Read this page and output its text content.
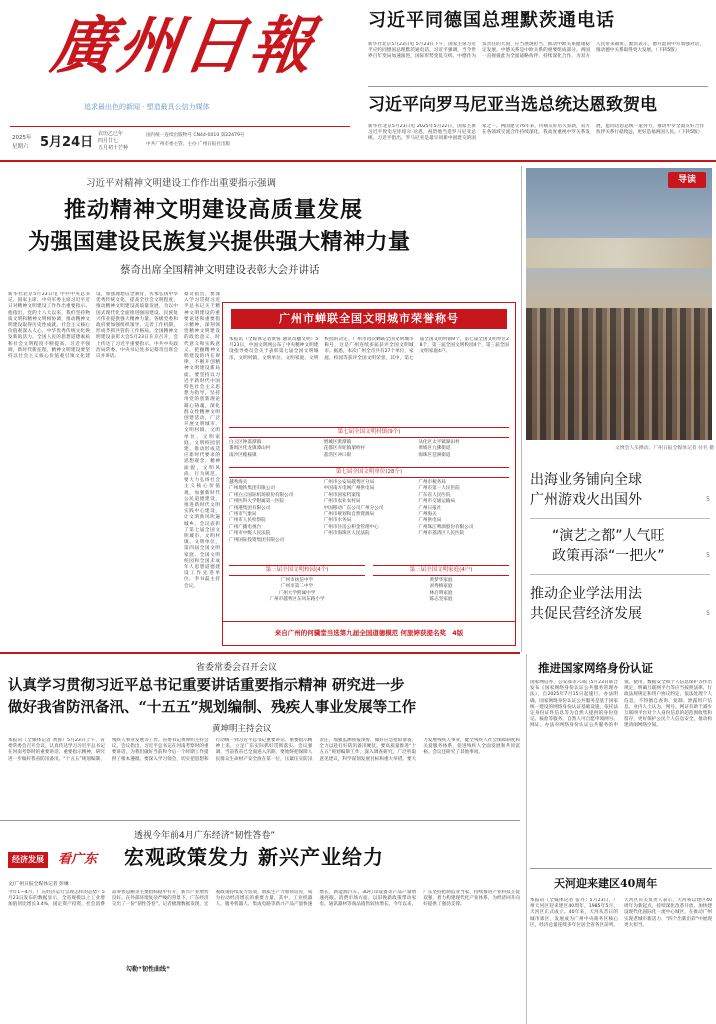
廣州日報
追求最出色的新闻 · 塑造最具公信力媒体
2025年
星期六 5月24日
农历乙巳年
四月廿七
五月初十芒种
国内统一连续出版物号 CN44-0010 第22479号
中共广州市委主管、主办 广州日报社出版
习近平同德国总理默茨通电话
新华社北京5月23日电 5月23日下午，国家主席习近平应约同德国总理默茨通电话。习近平强调，当今世界百年变局加速演进，国际形势变乱交织。中德作为负责任的大国，应当展现担当，推动中欧关系健康稳定发展。中德关系是中欧关系的重要组成部分。两国一直视彼此为全面战略伙伴，持续深化合作，为双方人民带来福祉。默茨表示，德方愿同中方加强对话，推动德中关系取得更大发展。（下转5版）
习近平向罗马尼亚当选总统达恩致贺电
新华社北京5月23日电 2025年5月22日，国家主席习近平致电尼库绍尔·达恩，祝贺他当选罗马尼亚总统。习近平指出，罗马尼亚是最早同新中国建交的国家之一。两国建交76年来，传统友好历久弥新，双方在各领域交流合作持续深化。我高度重视中罗关系发展，愿同达恩总统一道努力，推动中罗全面友好合作伙伴关系行稳致远，更好造福两国人民。（下转5版）
习近平对精神文明建设工作作出重要指示强调
推动精神文明建设高质量发展
为强国建设民族复兴提供强大精神力量
蔡奇出席全国精神文明建设表彰大会并讲话
新华社北京5月23日电 中共中央总书记、国家主席、中央军委主席习近平近日对精神文明建设工作作出重要指示。他指出，党的十八大以来，我们坚持物质文明和精神文明相协调，推动精神文明建设取得历史性成就。社会主义核心价值观深入人心，中华优秀传统文化焕发新的活力，全国人民的思想道德素质和社会文明程度不断提高。习近平强调，新时代新征程，精神文明建设要坚持以社会主义核心价值观引领文化建设，加强理想信念教育，传承弘扬中华优秀传统文化，提高全社会文明程度，推动精神文明建设高质量发展，为以中国式现代化全面推进强国建设、民族复兴伟业提供强大精神力量。各级党委和政府要加强组织领导，完善工作机制，形成齐抓共管的工作格局。全国精神文明建设表彰大会5月23日在京召开，会上传达了习近平重要指示。中共中央政治局常委、中央书记处书记蔡奇出席会议并讲话。
蔡奇指出，要深入学习贯彻习近平总书记关于精神文明建设的重要论述和重要指示精神，深刻领悟精神文明建设的政治意义、时代意义和实践意义，把握精神文明建设的内在规律，不断开创精神文明建设新局面。要坚持以习近平新时代中国特色社会主义思想为指导，坚持用党的创新理论凝心铸魂，深化群众性精神文明创建活动，广泛开展文明城市、文明村镇、文明单位、文明家庭、文明校园创建，推动形成适应新时代要求的思想观念、精神面貌、文明风尚、行为规范。要大力弘扬社会主义核心价值观，加强新时代公民道德建设，推进新时代文明实践中心建设，让文明新风吹遍城乡。会议表彰了第七届全国文明城市、文明村镇、文明单位，第四届全国文明家庭、全国文明校园和全国未成年人思想道德建设工作先进单位。李书磊主持会议。
广州市蝉联全国文明城市荣誉称号
本报讯（全媒体记者黄蓉 通讯员穗文明）5月23日，中国文明网公布了中央精神文明建设指导委员会关于表彰第七届全国文明城市、文明村镇、文明单位、文明家庭、文明校园的决定。广州市再次蝉联全国文明城市称号，这是广州连续多届获评全国文明城市。据悉，本次广州全市共有27个单位、家庭、校园等获评全国文明荣誉。其中，第七届全国文明村镇9个，第七届全国文明单位28个，第三届全国文明校园4个，第三届全国文明家庭4户。
第七届全国文明村镇(9个)
白云区钟落潭镇	增城区派潭镇	从化区太平镇湖田村
番禺区化龙镇潭山村	花都区赤坭镇瑞岭村	黄埔区九佛街道
南沙区榄核镇	荔湾区冲口街	海珠区琶洲街道
第七届全国文明单位(28个)
越秀海关	广州市公安局越秀区分局	广州市税务局
广州地铁集团有限公司	中国南方电网广州供电局	广州市第一人民医院
广州白云国际机场股份有限公司	广州市国家档案馆	广东省人民医院
广州医科大学附属第一医院	广州市农业农村局	广州市交通运输局
广州港集团有限公司	中国移动广东公司广州分公司	广州日报社
广州市气象局	广州市规划和自然资源局	广州海关
广州市人民检察院	广州市水务局	广州供电局
广州广播电视台	广州市住房公积金管理中心	广州珠江啤酒股份有限公司
广州市中级人民法院	广州市海珠区人民法院	广州市荔湾区人民医院
广州国际投资集团有限公司
第三届全国文明校园(4个)
广州市执信中学
广州市第二中学
广州大学附属中学
广州市越秀区东风东路小学
第三届全国文明家庭(4户)
黄梦华家庭
刘秀梅家庭
林启明家庭
陈志坚家庭
来自广州的何骥堂当选第九届全国道德模范 何旅婷获提名奖 4版
导读
文博会人头攒动。广州日报全媒体记者 付名 摄
出海业务铺向全球
广州游戏火出国外	5
“演艺之都”人气旺
政策再添“一把火”	5
推动企业学法用法
共促民营经济发展	5
省委常委会召开会议
认真学习贯彻习近平总书记重要讲话重要指示精神 研究进一步
做好我省防汛备汛、“十五五”规划编制、残疾人事业发展等工作
黄坤明主持会议
本报讯（全媒体记者 黄蓉）5月23日上午，省委常委会召开会议，认真传达学习习近平总书记在河南考察时的重要讲话、重要指示精神，研究进一步做好我省防汛备汛、“十五五”规划编制、残疾人事业发展等工作。省委书记黄坤明主持会议。会议指出，习近平总书记在河南考察时的重要讲话，为我们做好当前和今后一个时期工作提供了根本遵循。要深入学习领会，切实把思想和行动统一到习近平总书记重要讲话、重要指示精神上来，立足广东实际抓好贯彻落实。会议强调，当前我省已全面进入汛期，要始终把保障人民群众生命财产安全放在第一位，压紧压实防汛责任，加强监测预报预警，做好应急抢险准备，全力以赴打好防汛备汛硬仗。要高质量推进“十五五”规划编制工作，深入调查研究，广泛听取意见建议，科学谋划发展目标和重大举措。要大力发展残疾人事业，健全残疾人社会保障制度和关爱服务体系，促进残疾人全面发展和共同富裕。会议还研究了其他事项。
推进国家网络身份认证
国家网信办、公安部等六部门5月23日联合发布《国家网络身份认证公共服务管理办法》，自2025年7月15日起施行。办法明确，国家网络身份认证公共服务是基于国家统一建设的网络身份认证基础设施，依托法定身份证件信息等为自然人提供的身份登记、核验等服务。自然人可自愿申领网号、网证。办法对网络身份认证公共服务的申领、使用、数据安全和个人信息保护等作出规定，明确互联网平台等应当按照法律、行政法规规定和用户协议约定，依法处理个人信息，不得擅自查询、复制、泄露用户信息。业内人士认为，网号、网证有助于减少互联网平台对个人身份信息的超范围收集和留存，更好保护公民个人信息安全，推动构建清朗网络空间。
透视今年前4月广东经济“韧性答卷”
经济发展	看广东 宏观政策发力 新兴产业给力
文/广州日报全媒体记者 彭琳
今年1—4月，广东经济运行呈现怎样的态势？5月23日发布的数据显示，全省规模以上工业增加值同比增长3.4%，固定资产投资、社会消费品零售总额等主要指标稳中有升，新兴产业增势良好。在外部环境复杂严峻的背景下，广东经济交出了一份“韧性答卷”。记者梳理数据发现，宏观政策持续发力显效，新质生产力加快培育，成为拉动经济增长的重要力量。其中，工业机器人、服务机器人、集成电路等新兴产品产量快速增长，新能源汽车、3D打印设备等产品产量增速亮眼。消费市场方面，以旧换新政策带动家电、通讯器材等商品销售较快增长。今年以来，广东坚持把制造业当家，持续推进产业科技互促双强，着力构建现代化产业体系，为经济回升向好提供了强劲支撑。
勾勒“韧性曲线”
天河迎来建区40周年
本报讯（全媒体记者 张丹）5月23日，广州天河区迎来建区40周年。1985年5月，天河区正式成立。40年来，天河从昔日的城市郊区，发展成为广州中央商务区核心区，经济总量连续多年位居全省各区前列。天河区有关负责人表示，天河将以建区40周年为新起点，持续深化改革开放，加快建设现代化国际化一流中心城区，在推动广州实现老城市新活力、“四个出新出彩”中展现更大担当。
